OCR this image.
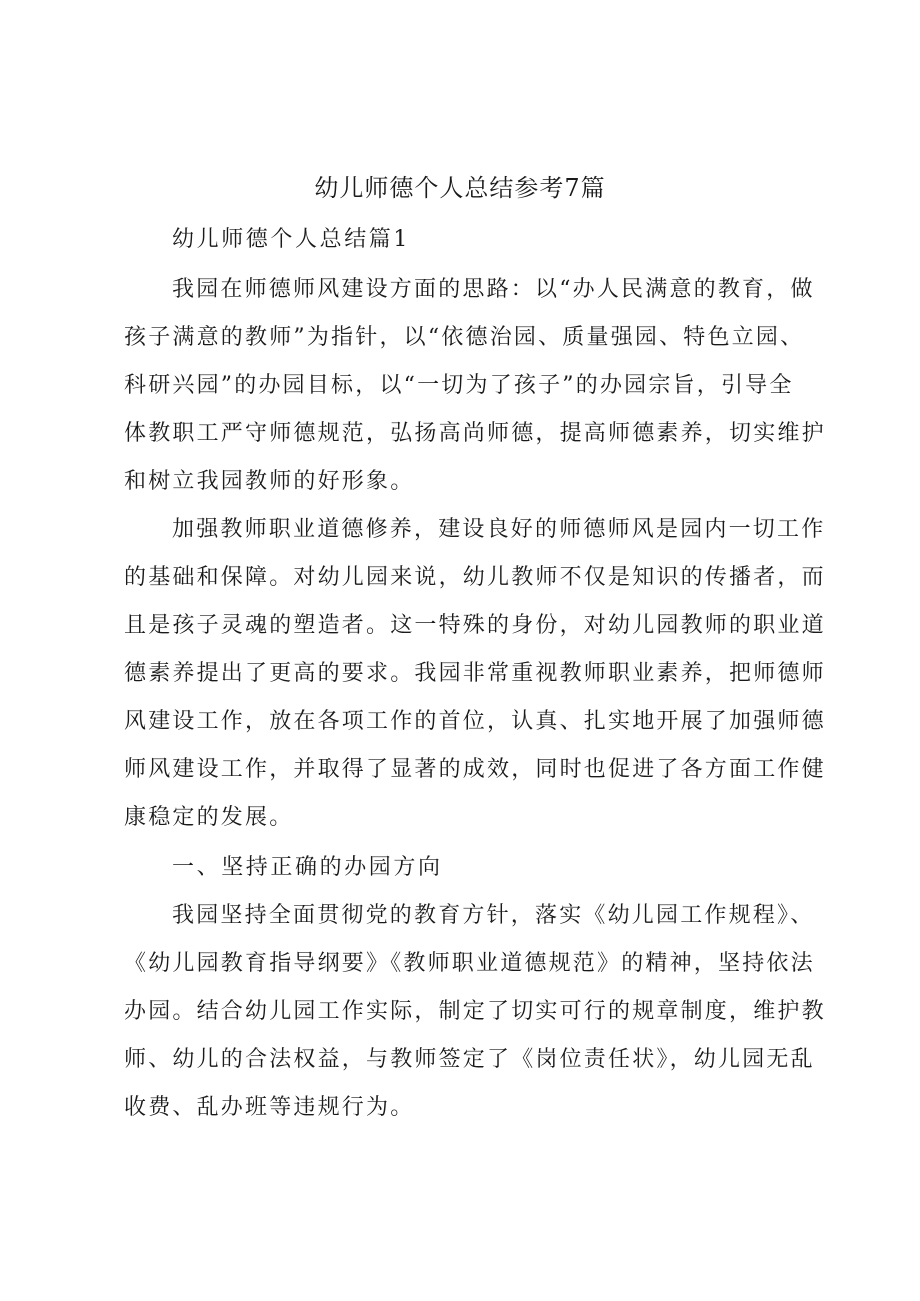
幼儿师德个人总结参考7篇
幼儿师德个人总结篇1
我园在师德师风建设方面的思路：以“办人民满意的教育，做
孩子满意的教师”为指针，以“依德治园、质量强园、特色立园、
科研兴园”的办园目标，以“一切为了孩子”的办园宗旨，引导全
体教职工严守师德规范，弘扬高尚师德，提高师德素养，切实维护
和树立我园教师的好形象。
加强教师职业道德修养，建设良好的师德师风是园内一切工作
的基础和保障。对幼儿园来说，幼儿教师不仅是知识的传播者，而
且是孩子灵魂的塑造者。这一特殊的身份，对幼儿园教师的职业道
德素养提出了更高的要求。我园非常重视教师职业素养，把师德师
风建设工作，放在各项工作的首位，认真、扎实地开展了加强师德
师风建设工作，并取得了显著的成效，同时也促进了各方面工作健
康稳定的发展。
一、坚持正确的办园方向
我园坚持全面贯彻党的教育方针，落实《幼儿园工作规程》、
《幼儿园教育指导纲要》《教师职业道德规范》的精神，坚持依法
办园。结合幼儿园工作实际，制定了切实可行的规章制度，维护教
师、幼儿的合法权益，与教师签定了《岗位责任状》，幼儿园无乱
收费、乱办班等违规行为。
